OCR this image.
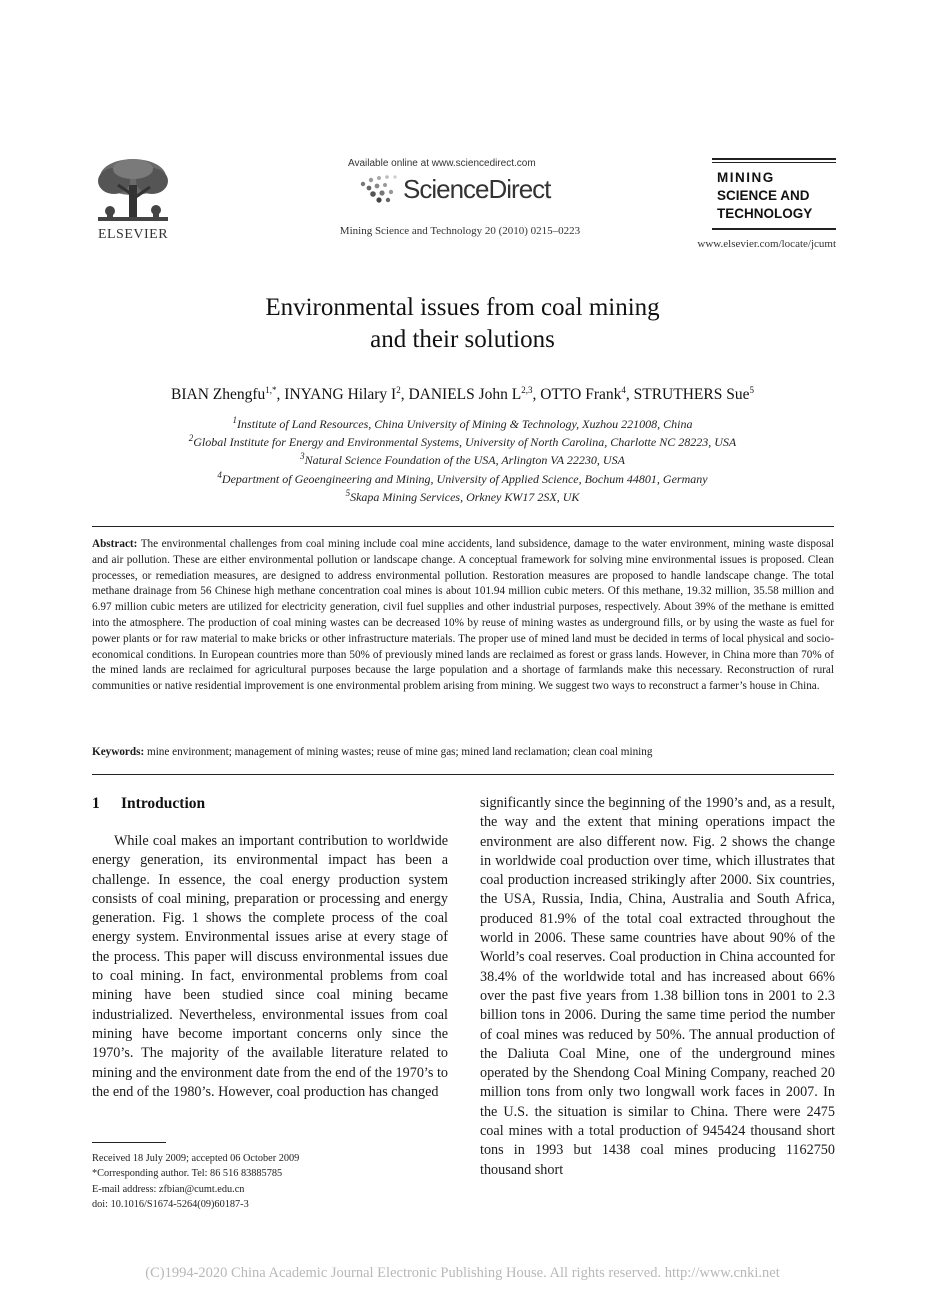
ELSEVIER
Available online at www.sciencedirect.com
ScienceDirect
Mining Science and Technology 20 (2010) 0215–0223
MINING
SCIENCE AND
TECHNOLOGY
www.elsevier.com/locate/jcumt
Environmental issues from coal mining
and their solutions
BIAN Zhengfu$^{1,*}$, INYANG Hilary $I^2$, DANIELS John L$^{2,3}$, OTTO Frank$^4$, STRUTHERS Sue$^5$
$^1$Institute of Land Resources, China University of Mining & Technology, Xuzhou 221008, China
$^2$Global Institute for Energy and Environmental Systems, University of North Carolina, Charlotte NC 28223, USA
$^3$Natural Science Foundation of the USA, Arlington VA 22230, USA
$^4$Department of Geoengineering and Mining, University of Applied Science, Bochum 44801, Germany
$^5$Skapa Mining Services, Orkney KW17 2SX, UK
Abstract: The environmental challenges from coal mining include coal mine accidents, land subsidence, damage to the water environment, mining waste disposal and air pollution. These are either environmental pollution or landscape change. A conceptual framework for solving mine environmental issues is proposed. Clean processes, or remediation measures, are designed to address environmental pollution. Restoration measures are proposed to handle landscape change. The total methane drainage from 56 Chinese high methane concentration coal mines is about 101.94 million cubic meters. Of this methane, 19.32 million, 35.58 million and 6.97 million cubic meters are utilized for electricity generation, civil fuel supplies and other industrial purposes, respectively. About 39% of the methane is emitted into the atmosphere. The production of coal mining wastes can be decreased 10% by reuse of mining wastes as underground fills, or by using the waste as fuel for power plants or for raw material to make bricks or other infrastructure materials. The proper use of mined land must be decided in terms of local physical and socio-economical conditions. In European countries more than 50% of previously mined lands are reclaimed as forest or grass lands. However, in China more than 70% of the mined lands are reclaimed for agricultural purposes because the large population and a shortage of farmlands make this necessary. Reconstruction of rural communities or native residential improvement is one environmental problem arising from mining. We suggest two ways to reconstruct a farmer’s house in China.
Keywords: mine environment; management of mining wastes; reuse of mine gas; mined land reclamation; clean coal mining
1 Introduction
While coal makes an important contribution to worldwide energy generation, its environmental impact has been a challenge. In essence, the coal energy production system consists of coal mining, preparation or processing and energy generation. Fig. 1 shows the complete process of the coal energy system. Environmental issues arise at every stage of the process. This paper will discuss environmental issues due to coal mining. In fact, environmental problems from coal mining have been studied since coal mining became industrialized. Nevertheless, environmental issues from coal mining have become important concerns only since the 1970’s. The majority of the available literature related to mining and the environment date from the end of the 1970’s to the end of the 1980’s. However, coal production has changed
significantly since the beginning of the 1990’s and, as a result, the way and the extent that mining operations impact the environment are also different now. Fig. 2 shows the change in worldwide coal production over time, which illustrates that coal production increased strikingly after 2000. Six countries, the USA, Russia, India, China, Australia and South Africa, produced 81.9% of the total coal extracted throughout the world in 2006. These same countries have about 90% of the World’s coal reserves. Coal production in China accounted for 38.4% of the worldwide total and has increased about 66% over the past five years from 1.38 billion tons in 2001 to 2.3 billion tons in 2006. During the same time period the number of coal mines was reduced by 50%. The annual production of the Daliuta Coal Mine, one of the underground mines operated by the Shendong Coal Mining Company, reached 20 million tons from only two longwall work faces in 2007. In the U.S. the situation is similar to China. There were 2475 coal mines with a total production of 945424 thousand short tons in 1993 but 1438 coal mines producing 1162750 thousand short
Received 18 July 2009; accepted 06 October 2009
*Corresponding author. Tel: 86 516 83885785
E-mail address: zfbian@cumt.edu.cn
doi: 10.1016/S1674-5264(09)60187-3
(C)1994-2020 China Academic Journal Electronic Publishing House. All rights reserved. http://www.cnki.net
